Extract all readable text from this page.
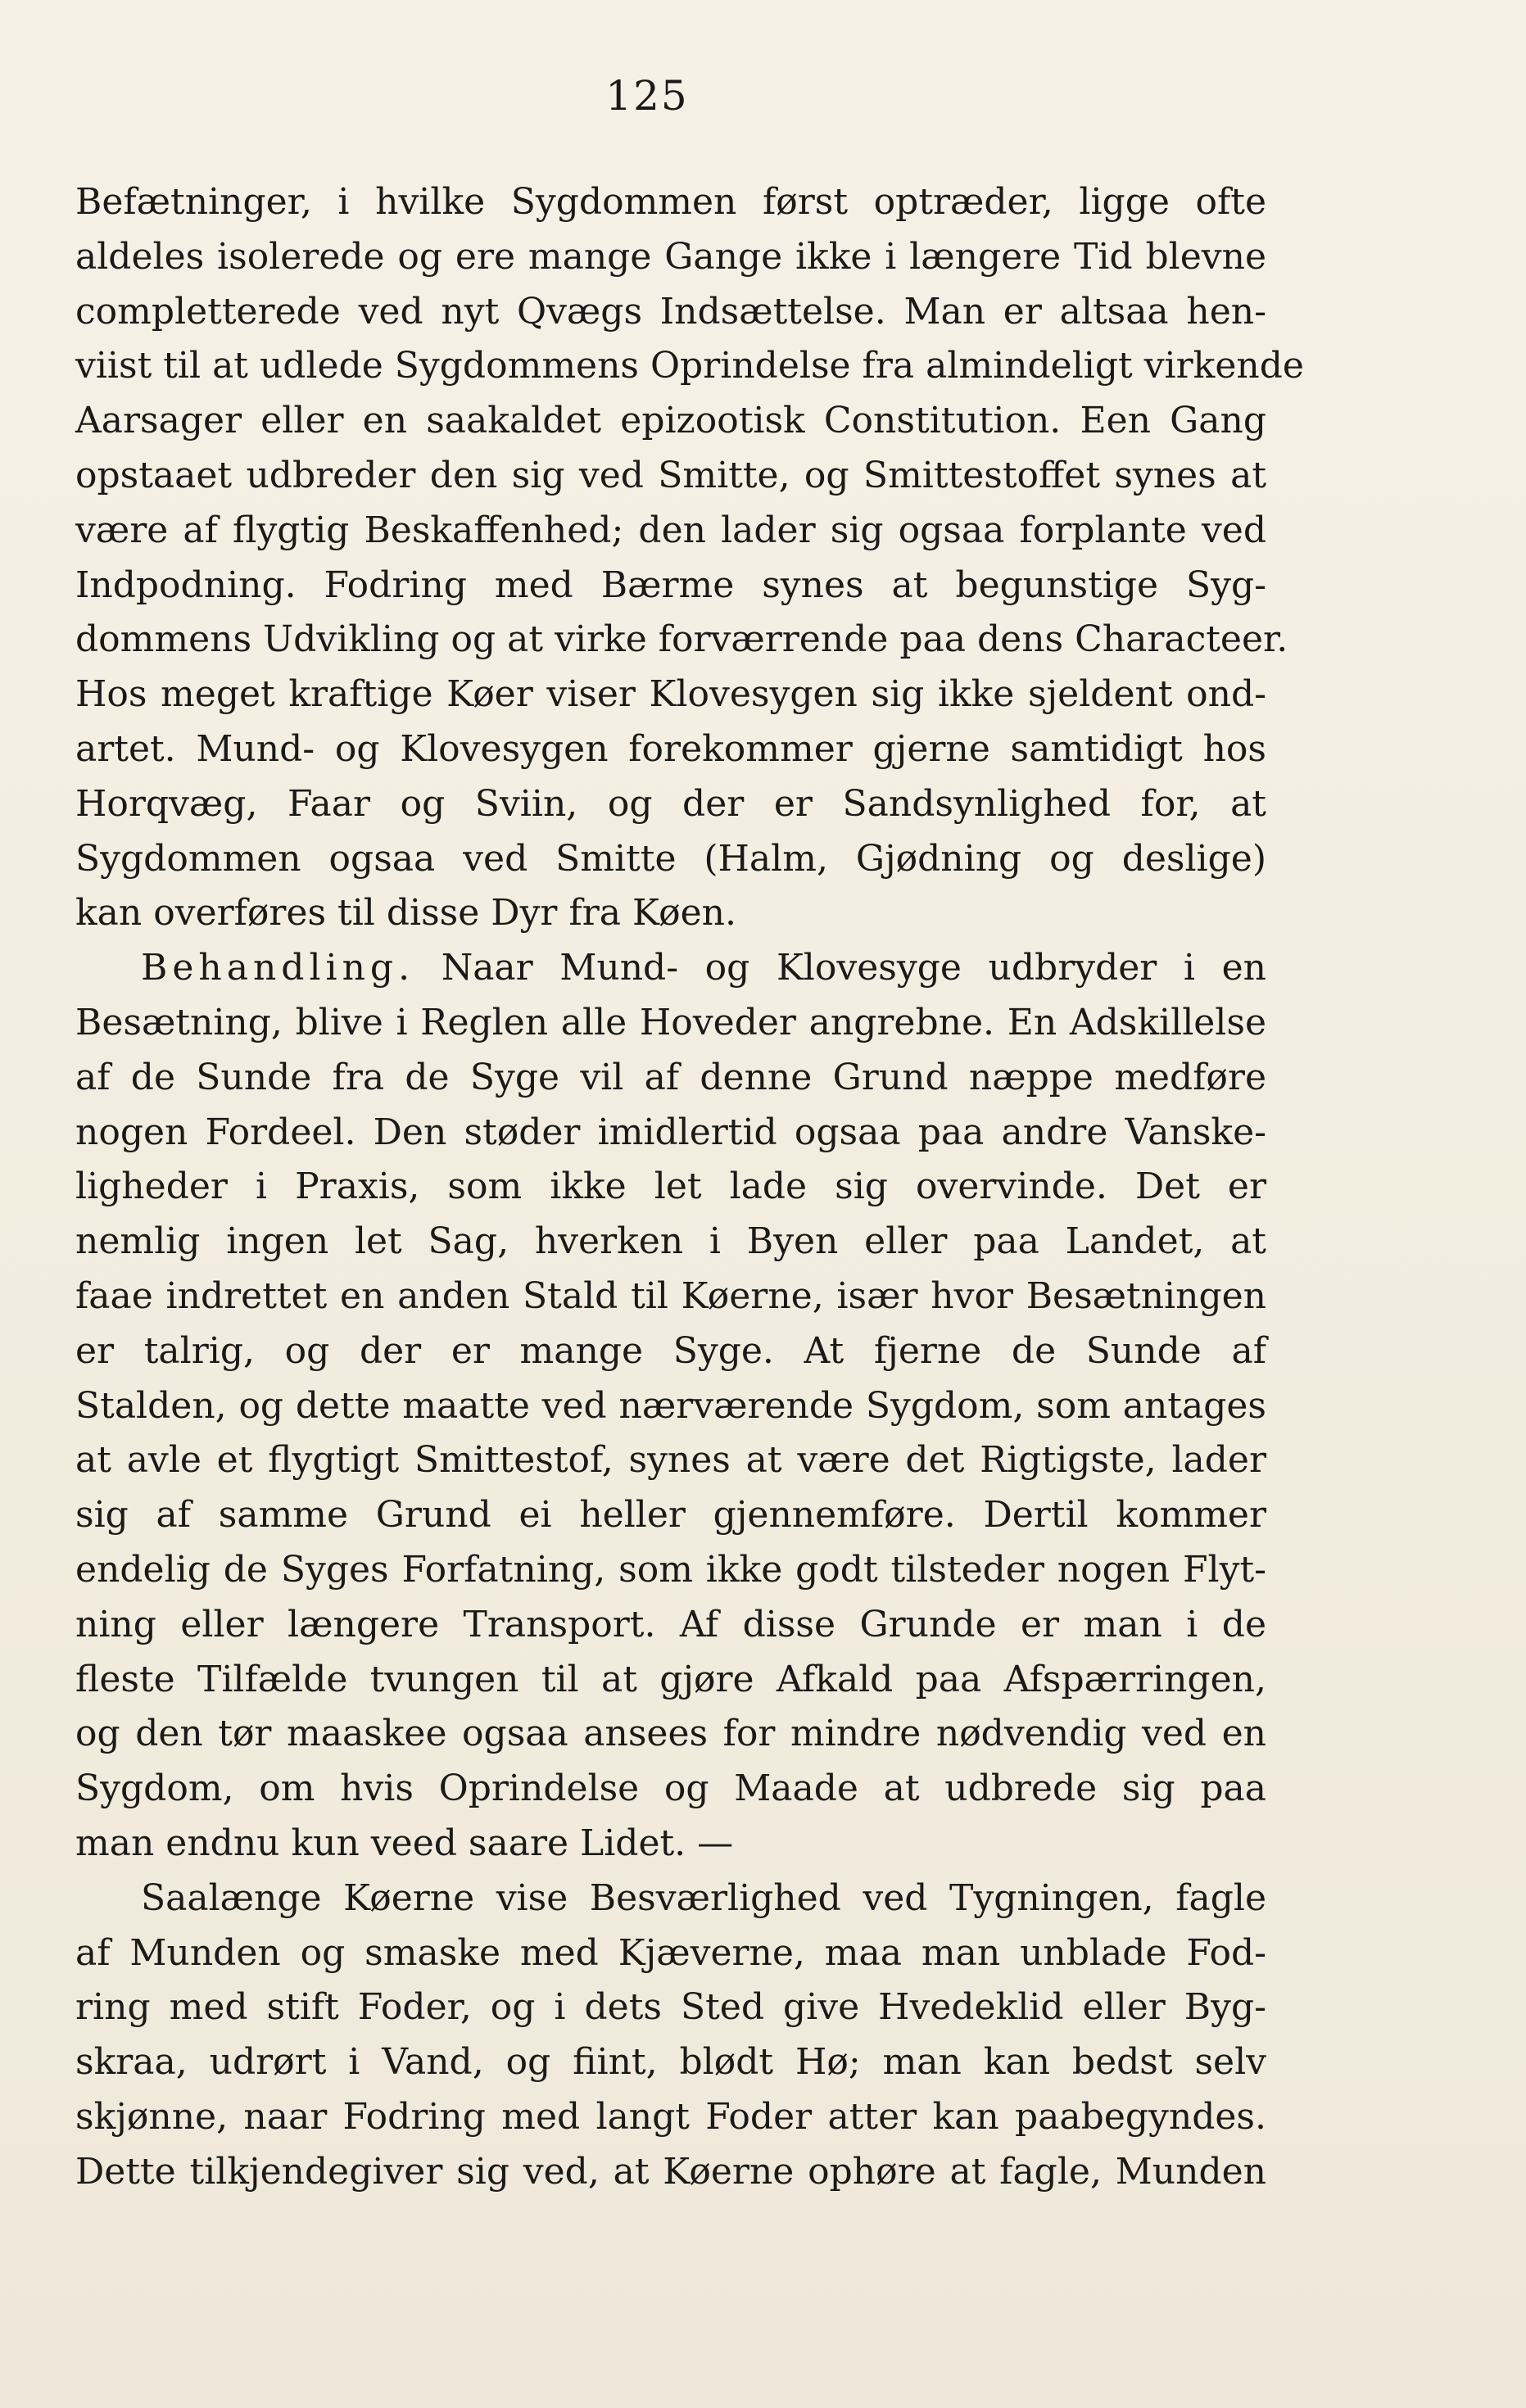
125
Befætninger, i hvilke Sygdommen først optræder, ligge ofte
aldeles isolerede og ere mange Gange ikke i længere Tid blevne
completterede ved nyt Qvægs Indsættelse. Man er altsaa hen-
viist til at udlede Sygdommens Oprindelse fra almindeligt virkende
Aarsager eller en saakaldet epizootisk Constitution. Een Gang
opstaaet udbreder den sig ved Smitte, og Smittestoffet synes at
være af flygtig Beskaffenhed; den lader sig ogsaa forplante ved
Indpodning. Fodring med Bærme synes at begunstige Syg-
dommens Udvikling og at virke forværrende paa dens Characteer.
Hos meget kraftige Køer viser Klovesygen sig ikke sjeldent ond-
artet. Mund- og Klovesygen forekommer gjerne samtidigt hos
Horqvæg, Faar og Sviin, og der er Sandsynlighed for, at
Sygdommen ogsaa ved Smitte (Halm, Gjødning og deslige)
kan overføres til disse Dyr fra Køen.
Behandling. Naar Mund- og Klovesyge udbryder i en
Besætning, blive i Reglen alle Hoveder angrebne. En Adskillelse
af de Sunde fra de Syge vil af denne Grund næppe medføre
nogen Fordeel. Den støder imidlertid ogsaa paa andre Vanske-
ligheder i Praxis, som ikke let lade sig overvinde. Det er
nemlig ingen let Sag, hverken i Byen eller paa Landet, at
faae indrettet en anden Stald til Køerne, især hvor Besætningen
er talrig, og der er mange Syge. At fjerne de Sunde af
Stalden, og dette maatte ved nærværende Sygdom, som antages
at avle et flygtigt Smittestof, synes at være det Rigtigste, lader
sig af samme Grund ei heller gjennemføre. Dertil kommer
endelig de Syges Forfatning, som ikke godt tilsteder nogen Flyt-
ning eller længere Transport. Af disse Grunde er man i de
fleste Tilfælde tvungen til at gjøre Afkald paa Afspærringen,
og den tør maaskee ogsaa ansees for mindre nødvendig ved en
Sygdom, om hvis Oprindelse og Maade at udbrede sig paa
man endnu kun veed saare Lidet. —
Saalænge Køerne vise Besværlighed ved Tygningen, fagle
af Munden og smaske med Kjæverne, maa man unblade Fod-
ring med stift Foder, og i dets Sted give Hvedeklid eller Byg-
skraa, udrørt i Vand, og fiint, blødt Hø; man kan bedst selv
skjønne, naar Fodring med langt Foder atter kan paabegyndes.
Dette tilkjendegiver sig ved, at Køerne ophøre at fagle, Munden
